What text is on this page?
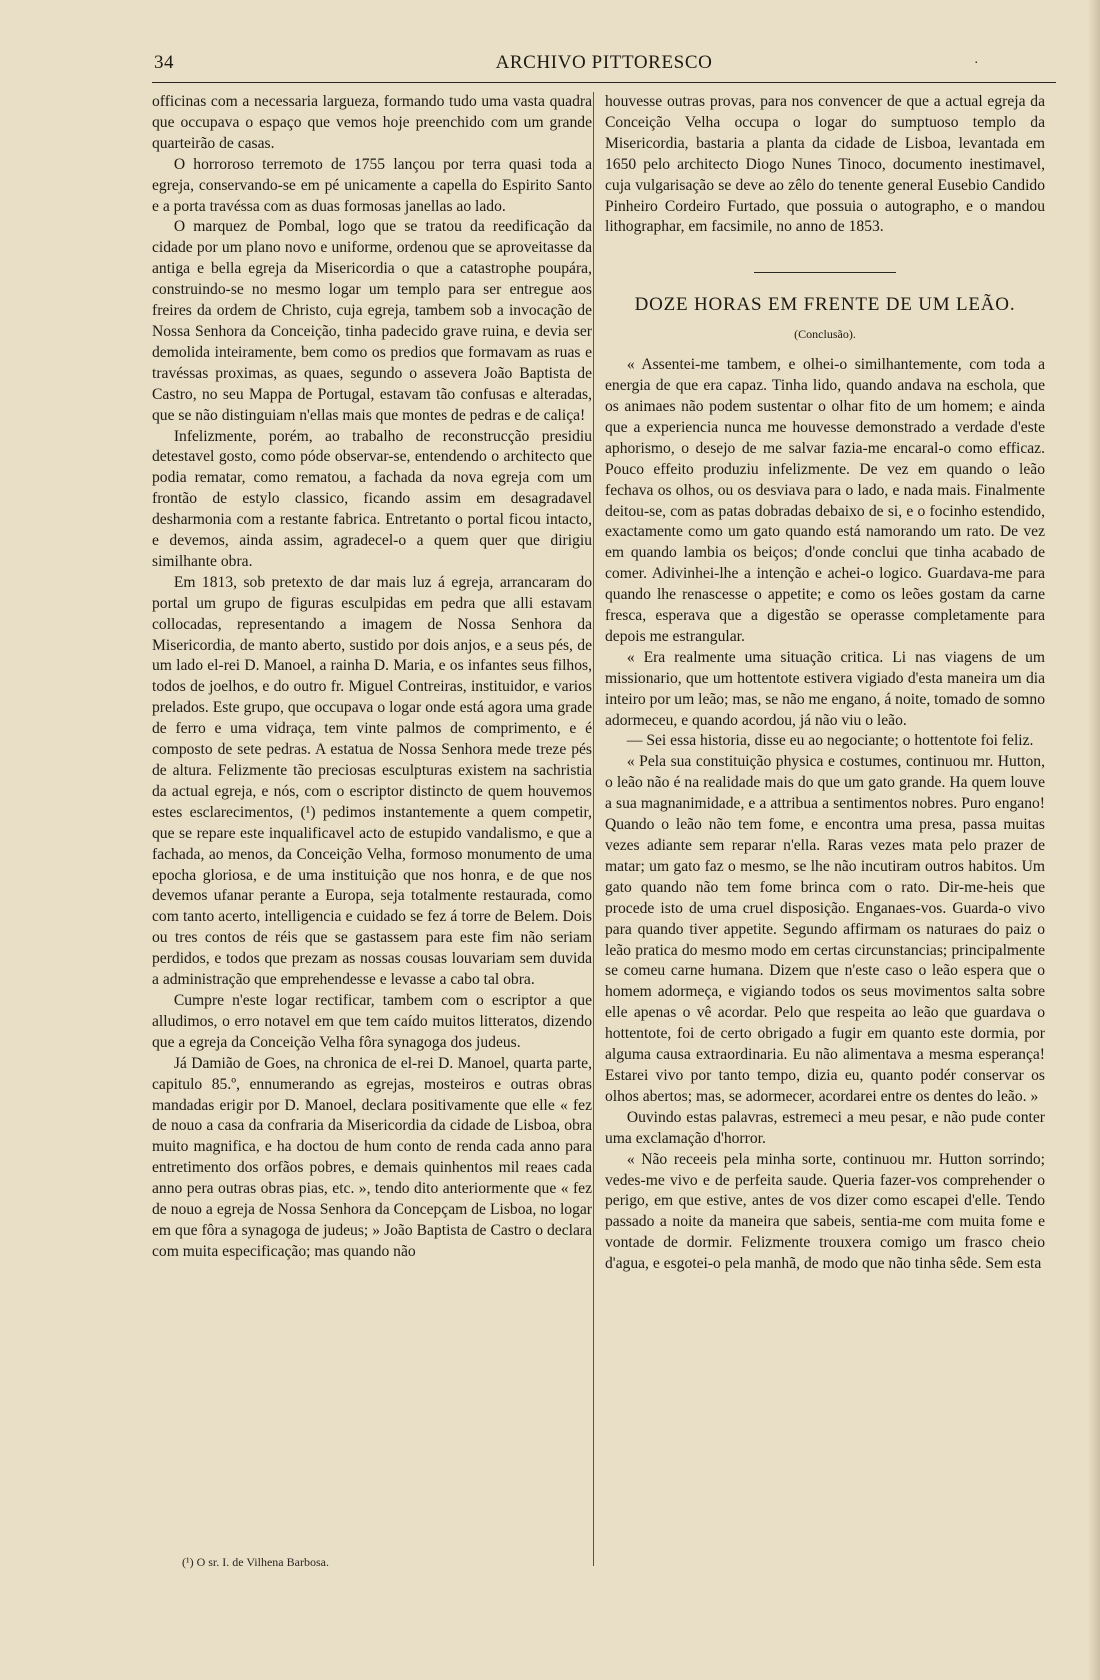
34	ARCHIVO PITTORESCO	.

officinas com a necessaria largueza, formando tudo uma vasta quadra que occupava o espaço que vemos hoje preenchido com um grande quarteirão de casas.

O horroroso terremoto de 1755 lançou por terra quasi toda a egreja, conservando-se em pé unicamente a capella do Espirito Santo e a porta travéssa com as duas formosas janellas ao lado.

O marquez de Pombal, logo que se tratou da reedificação da cidade por um plano novo e uniforme, ordenou que se aproveitasse da antiga e bella egreja da Misericordia o que a catastrophe poupára, construindo-se no mesmo logar um templo para ser entregue aos freires da ordem de Christo, cuja egreja, tambem sob a invocação de Nossa Senhora da Conceição, tinha padecido grave ruina, e devia ser demolida inteiramente, bem como os predios que formavam as ruas e travéssas proximas, as quaes, segundo o assevera João Baptista de Castro, no seu Mappa de Portugal, estavam tão confusas e alteradas, que se não distinguiam n'ellas mais que montes de pedras e de caliça!

Infelizmente, porém, ao trabalho de reconstrucção presidiu detestavel gosto, como póde observar-se, entendendo o architecto que podia rematar, como rematou, a fachada da nova egreja com um frontão de estylo classico, ficando assim em desagradavel desharmonia com a restante fabrica. Entretanto o portal ficou intacto, e devemos, ainda assim, agradecel-o a quem quer que dirigiu similhante obra.

Em 1813, sob pretexto de dar mais luz á egreja, arrancaram do portal um grupo de figuras esculpidas em pedra que alli estavam collocadas, representando a imagem de Nossa Senhora da Misericordia, de manto aberto, sustido por dois anjos, e a seus pés, de um lado el-rei D. Manoel, a rainha D. Maria, e os infantes seus filhos, todos de joelhos, e do outro fr. Miguel Contreiras, instituidor, e varios prelados. Este grupo, que occupava o logar onde está agora uma grade de ferro e uma vidraça, tem vinte palmos de comprimento, e é composto de sete pedras. A estatua de Nossa Senhora mede treze pés de altura. Felizmente tão preciosas esculpturas existem na sachristia da actual egreja, e nós, com o escriptor distincto de quem houvemos estes esclarecimentos, (¹) pedimos instantemente a quem competir, que se repare este inqualificavel acto de estupido vandalismo, e que a fachada, ao menos, da Conceição Velha, formoso monumento de uma epocha gloriosa, e de uma instituição que nos honra, e de que nos devemos ufanar perante a Europa, seja totalmente restaurada, como com tanto acerto, intelligencia e cuidado se fez á torre de Belem. Dois ou tres contos de réis que se gastassem para este fim não seriam perdidos, e todos que prezam as nossas cousas louvariam sem duvida a administração que emprehendesse e levasse a cabo tal obra.

Cumpre n'este logar rectificar, tambem com o escriptor a que alludimos, o erro notavel em que tem caído muitos litteratos, dizendo que a egreja da Conceição Velha fôra synagoga dos judeus.

Já Damião de Goes, na chronica de el-rei D. Manoel, quarta parte, capitulo 85.º, ennumerando as egrejas, mosteiros e outras obras mandadas erigir por D. Manoel, declara positivamente que elle « fez de nouo a casa da confraria da Misericordia da cidade de Lisboa, obra muito magnifica, e ha doctou de hum conto de renda cada anno para entretimento dos orfãos pobres, e demais quinhentos mil reaes cada anno pera outras obras pias, etc. », tendo dito anteriormente que « fez de nouo a egreja de Nossa Senhora da Concepçam de Lisboa, no logar em que fôra a synagoga de judeus; » João Baptista de Castro o declara com muita especificação; mas quando não

houvesse outras provas, para nos convencer de que a actual egreja da Conceição Velha occupa o logar do sumptuoso templo da Misericordia, bastaria a planta da cidade de Lisboa, levantada em 1650 pelo architecto Diogo Nunes Tinoco, documento inestimavel, cuja vulgarisação se deve ao zêlo do tenente general Eusebio Candido Pinheiro Cordeiro Furtado, que possuia o autographo, e o mandou lithographar, em facsimile, no anno de 1853.

DOZE HORAS EM FRENTE DE UM LEÃO.
(Conclusão).

« Assentei-me tambem, e olhei-o similhantemente, com toda a energia de que era capaz. Tinha lido, quando andava na eschola, que os animaes não podem sustentar o olhar fito de um homem; e ainda que a experiencia nunca me houvesse demonstrado a verdade d'este aphorismo, o desejo de me salvar fazia-me encaral-o como efficaz. Pouco effeito produziu infelizmente. De vez em quando o leão fechava os olhos, ou os desviava para o lado, e nada mais. Finalmente deitou-se, com as patas dobradas debaixo de si, e o focinho estendido, exactamente como um gato quando está namorando um rato. De vez em quando lambia os beiços; d'onde conclui que tinha acabado de comer. Adivinhei-lhe a intenção e achei-o logico. Guardava-me para quando lhe renascesse o appetite; e como os leões gostam da carne fresca, esperava que a digestão se operasse completamente para depois me estrangular.

« Era realmente uma situação critica. Li nas viagens de um missionario, que um hottentote estivera vigiado d'esta maneira um dia inteiro por um leão; mas, se não me engano, á noite, tomado de somno adormeceu, e quando acordou, já não viu o leão.

— Sei essa historia, disse eu ao negociante; o hottentote foi feliz.

« Pela sua constituição physica e costumes, continuou mr. Hutton, o leão não é na realidade mais do que um gato grande. Ha quem louve a sua magnanimidade, e a attribua a sentimentos nobres. Puro engano! Quando o leão não tem fome, e encontra uma presa, passa muitas vezes adiante sem reparar n'ella. Raras vezes mata pelo prazer de matar; um gato faz o mesmo, se lhe não incutiram outros habitos. Um gato quando não tem fome brinca com o rato. Dir-me-heis que procede isto de uma cruel disposição. Enganaes-vos. Guarda-o vivo para quando tiver appetite. Segundo affirmam os naturaes do paiz o leão pratica do mesmo modo em certas circunstancias; principalmente se comeu carne humana. Dizem que n'este caso o leão espera que o homem adormeça, e vigiando todos os seus movimentos salta sobre elle apenas o vê acordar. Pelo que respeita ao leão que guardava o hottentote, foi de certo obrigado a fugir em quanto este dormia, por alguma causa extraordinaria. Eu não alimentava a mesma esperança! Estarei vivo por tanto tempo, dizia eu, quanto podér conservar os olhos abertos; mas, se adormecer, acordarei entre os dentes do leão. »

Ouvindo estas palavras, estremeci a meu pesar, e não pude conter uma exclamação d'horror.

« Não receeis pela minha sorte, continuou mr. Hutton sorrindo; vedes-me vivo e de perfeita saude. Queria fazer-vos comprehender o perigo, em que estive, antes de vos dizer como escapei d'elle. Tendo passado a noite da maneira que sabeis, sentia-me com muita fome e vontade de dormir. Felizmente trouxera comigo um frasco cheio d'agua, e esgotei-o pela manhã, de modo que não tinha sêde. Sem esta

(¹) O sr. I. de Vilhena Barbosa.
